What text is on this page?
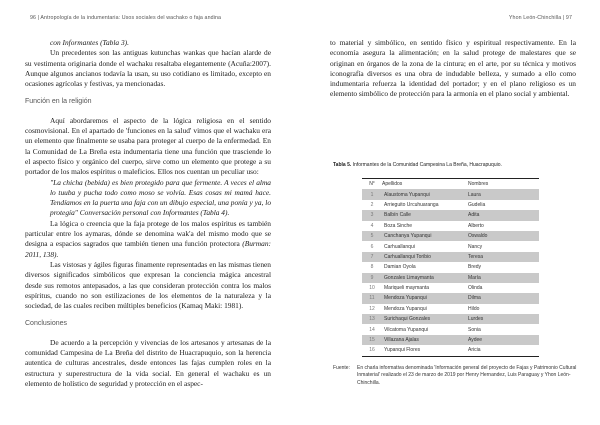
96 | Antropología de la indumentaria: Usos sociales del wachako o faja andina

con Informantes (Tabla 3).

Un precedentes son las antiguas kutunchas wankas que hacían alarde de su vestimenta originaria donde el wachaku resaltaba elegantemente (Acuña:2007). Aunque algunos ancianos todavía la usan, su uso cotidiano es limitado, excepto en ocasiones agrícolas y festivas, ya mencionadas.

Función en la religión

Aquí abordaremos el aspecto de la lógica religiosa en el sentido cosmovisional. En el apartado de 'funciones en la salud' vimos que el wachaku era un elemento que finalmente se usaba para proteger al cuerpo de la enfermedad. En la Comunidad de La Breña esta indumentaria tiene una función que trasciende lo el aspecto físico y orgánico del cuerpo, sirve como un elemento que protege a su portador de los malos espíritus o maleficios. Ellos nos cuentan un peculiar uso:

"La chicha (bebida) es bien protegido para que fermente. A veces el alma lo tuuba y pucha todo como moso se volvía. Esas cosas mi mamá hace. Tendíamos en la puerta una faja con un dibujo especial, una ponía y ya, lo protegía" Conversación personal con Informantes (Tabla 4).

La lógica o creencia que la faja protege de los malos espíritus es también particular entre los aymaras, dónde se denomina wak'a del mismo modo que se designa a espacios sagrados que también tienen una función protectora (Burman: 2011, 138).

Las vistosas y ágiles figuras finamente representadas en las mismas tienen diversos significados simbólicos que expresan la conciencia mágica ancestral desde sus remotos antepasados, a las que consideran protección contra los malos espíritus, cuando no son estilizaciones de los elementos de la naturaleza y la sociedad, de las cuales reciben múltiples beneficios (Kamaq Maki: 1981).

Conclusiones

De acuerdo a la percepción y vivencias de los artesanos y artesanas de la comunidad Campesina de La Breña del distrito de Huacrapuquio, son la herencia autentica de culturas ancestrales, desde entonces las fajas cumplen roles en la estructura y superestructura de la vida social. En general el wachaku es un elemento de holístico de seguridad y protección en el aspec-

Yhon León-Chinchilla | 97

to material y simbólico, en sentido físico y espiritual respectivamente. En la economía asegura la alimentación; en la salud protege de malestares que se originan en órganos de la zona de la cintura; en el arte, por su técnica y motivos iconografía diversos es una obra de indudable belleza, y sumado a ello como indumentaria refuerza la identidad del portador; y en el plano religioso es un elemento simbólico de protección para la armonía en el plano social y ambiental.

Tabla 5. Informantes de la Comunidad Campesina La Breña, Huacrapuquio.
N°	Apellidos	Nombres
1	Alaustoma Yupanqui	Laura
2	Arrieguito Urcuhuaranga	Gudelia
3	Balbín Calle	Adita
4	Boza Sinche	Alberto
5	Canchanya Yupanqui	Oswaldo
6	Carhuallanqui	Nancy
7	Carhuallanqui Toribio	Teresa
8	Damian Oyola	Bredy
9	Gonzales Limaymanta	María
10	Mariqueli maymanta	Olinda
11	Mendoza Yupanqui	Dilma
12	Mendoza Yupanqui	Hildo
13	Surichaqui Gonzales	Lurdes
14	Vilcatoma Yupanqui	Sonia
15	Villazana Ajalas	Aydee
16	Yupanqui Flores	Aricia
Fuente:	En charla informativa denominada 'Información general del proyecto de Fajas y Patrimonio Cultural Inmaterial' realizado el 23 de marzo de 2019 por Henry Hernandez, Luis Paraguay y Yhon León-Chinchilla.
